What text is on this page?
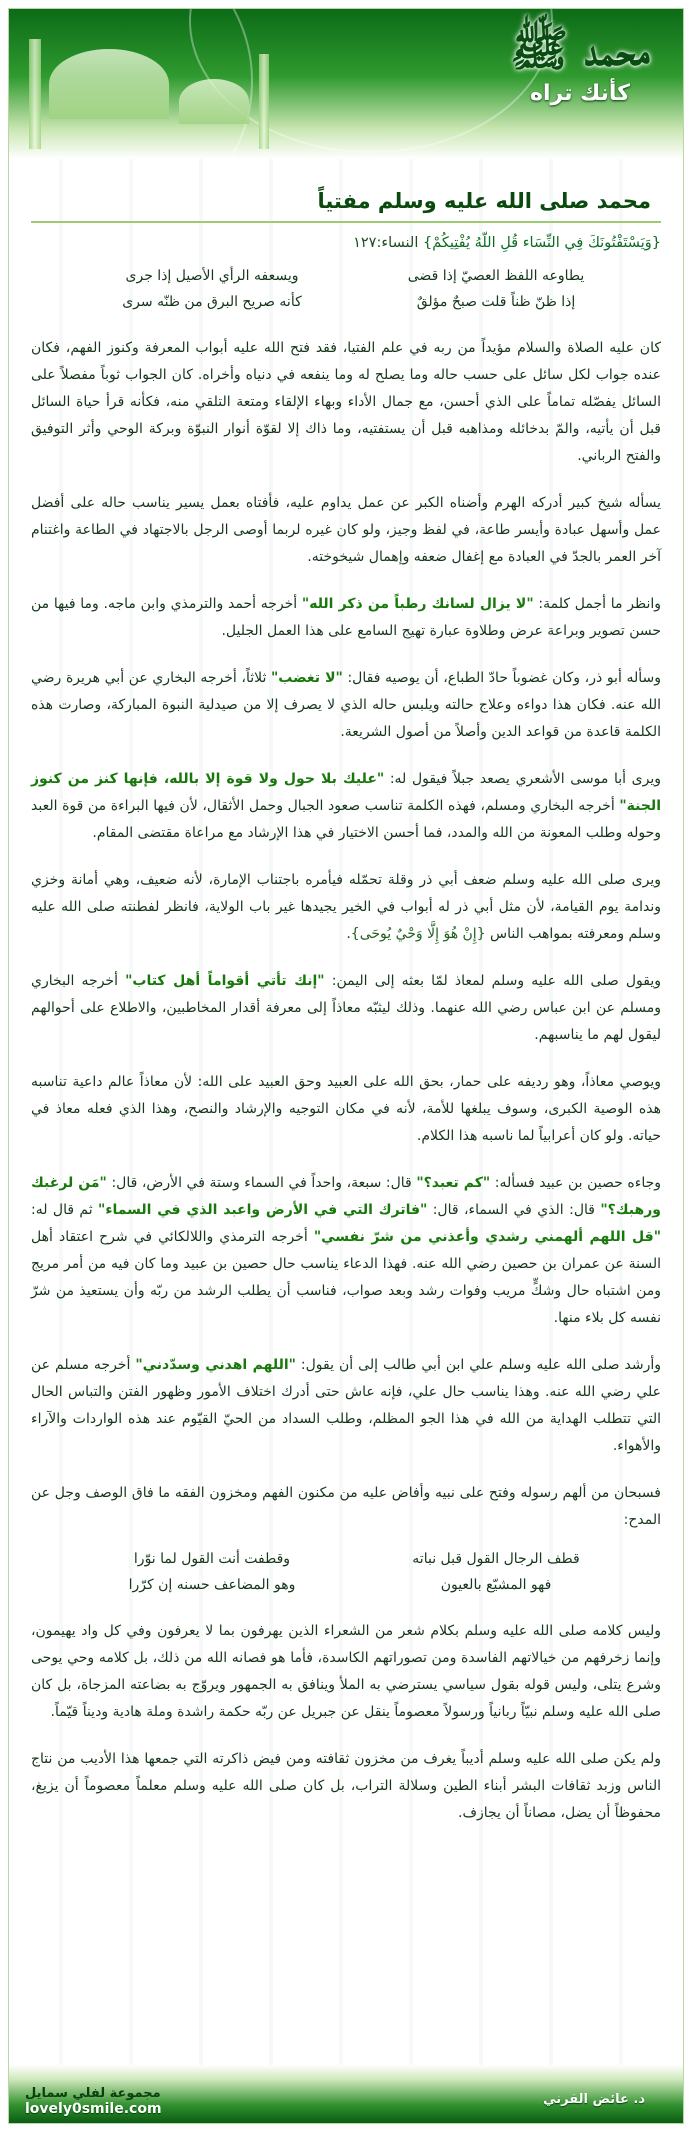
محمد ﷺ
كأنك تراه
محمد صلى الله عليه وسلم مفتياً
{وَيَسْتَفْتُونَكَ فِي النِّسَاء قُلِ اللّهُ يُفْتِيكُمْ} النساء:١٢٧
يطاوعه اللفظ العصيّ إذا قضى
ويسعفه الرأي الأصيل إذا جرى
إذا ظنّ ظناً قلت صبحٌ مؤلقٌ
كأنه صريح البرق من ظنّه سرى

كان عليه الصلاة والسلام مؤيداً من ربه في علم الفتيا، فقد فتح الله عليه أبواب المعرفة وكنوز الفهم، فكان عنده جواب لكل سائل على حسب حاله وما يصلح له وما ينفعه في دنياه وأخراه. كان الجواب ثوباً مفصلاً على السائل يفصّله تماماً على الذي أحسن، مع جمال الأداء وبهاء الإلقاء ومتعة التلقي منه، فكأنه قرأ حياة السائل قبل أن يأتيه، والمّ بدخائله ومذاهبه قبل أن يستفتيه، وما ذاك إلا لقوّة أنوار النبوّة وبركة الوحي وأثر التوفيق والفتح الرباني.

يسأله شيخ كبير أدركه الهرم وأضناه الكبر عن عمل يداوم عليه، فأفتاه بعمل يسير يناسب حاله على أفضل عمل وأسهل عبادة وأيسر طاعة، في لفظ وجيز، ولو كان غيره لربما أوصى الرجل بالاجتهاد في الطاعة واغتنام آخر العمر بالجدّ في العبادة مع إغفال ضعفه وإهمال شيخوخته.

وانظر ما أجمل كلمة: "لا يزال لسانك رطباً من ذكر الله" أخرجه أحمد والترمذي وابن ماجه. وما فيها من حسن تصوير وبراعة عرض وطلاوة عبارة تهيج السامع على هذا العمل الجليل.

وسأله أبو ذر، وكان غضوباً حادّ الطباع، أن يوصيه فقال: "لا تغضب" ثلاثاً، أخرجه البخاري عن أبي هريرة رضي الله عنه. فكان هذا دواءه وعلاج حالته ويلبس حاله الذي لا يصرف إلا من صيدلية النبوة المباركة، وصارت هذه الكلمة قاعدة من قواعد الدين وأصلاً من أصول الشريعة.

ويرى أبا موسى الأشعري يصعد جبلاً فيقول له: "عليك بلا حول ولا قوة إلا بالله، فإنها كنز من كنوز الجنة" أخرجه البخاري ومسلم، فهذه الكلمة تناسب صعود الجبال وحمل الأثقال، لأن فيها البراءة من قوة العبد وحوله وطلب المعونة من الله والمدد، فما أحسن الاختيار في هذا الإرشاد مع مراعاة مقتضى المقام.

ويرى صلى الله عليه وسلم ضعف أبي ذر وقلة تحمّله فيأمره باجتناب الإمارة، لأنه ضعيف، وهي أمانة وخزي وندامة يوم القيامة، لأن مثل أبي ذر له أبواب في الخير يجيدها غير باب الولاية، فانظر لفطنته صلى الله عليه وسلم ومعرفته بمواهب الناس {إِنْ هُوَ إِلَّا وَحْيٌ يُوحَى}.

ويقول صلى الله عليه وسلم لمعاذ لمّا بعثه إلى اليمن: "إنك تأتي أقواماً أهل كتاب" أخرجه البخاري ومسلم عن ابن عباس رضي الله عنهما. وذلك ليثبّه معاذاً إلى معرفة أقدار المخاطبين، والاطلاع على أحوالهم ليقول لهم ما يناسبهم.

ويوصي معاذاً، وهو رديفه على حمار، بحق الله على العبيد وحق العبيد على الله: لأن معاذاً عالم داعية تناسبه هذه الوصية الكبرى، وسوف يبلغها للأمة، لأنه في مكان التوجيه والإرشاد والنصح، وهذا الذي فعله معاذ في حياته. ولو كان أعرابياً لما ناسبه هذا الكلام.

وجاءه حصين بن عبيد فسأله: "كم تعبد؟" قال: سبعة، واحداً في السماء وستة في الأرض، قال: "مَن لرغبك ورهبك؟" قال: الذي في السماء، قال: "فاترك التي في الأرض واعبد الذي في السماء" ثم قال له: "قل اللهم ألهمني رشدي وأعذني من شرّ نفسي" أخرجه الترمذي واللالكائي في شرح اعتقاد أهل السنة عن عمران بن حصين رضي الله عنه. فهذا الدعاء يناسب حال حصين بن عبيد وما كان فيه من أمر مريج ومن اشتباه حال وشكٍّ مريب وفوات رشد وبعد صواب، فناسب أن يطلب الرشد من ربّه وأن يستعيذ من شرّ نفسه كل بلاء منها.

وأرشد صلى الله عليه وسلم علي ابن أبي طالب إلى أن يقول: "اللهم اهدني وسدّدني" أخرجه مسلم عن علي رضي الله عنه. وهذا يناسب حال علي، فإنه عاش حتى أدرك اختلاف الأمور وظهور الفتن والتباس الحال التي تتطلب الهداية من الله في هذا الجو المظلم، وطلب السداد من الحيّ القيّوم عند هذه الواردات والآراء والأهواء.

فسبحان من ألهم رسوله وفتح على نبيه وأفاض عليه من مكنون الفهم ومخزون الفقه ما فاق الوصف وجل عن المدح:

قطف الرجال القول قبل نباته
وقطفت أنت القول لما نوّرا
فهو المشيّع بالعيون
وهو المضاعف حسنه إن كرّرا

وليس كلامه صلى الله عليه وسلم بكلام شعر من الشعراء الذين يهرفون بما لا يعرفون وفي كل واد يهيمون، وإنما زخرفهم من خيالاتهم الفاسدة ومن تصوراتهم الكاسدة، فأما هو فصانه الله من ذلك، بل كلامه وحي يوحى وشرع يتلى، وليس قوله بقول سياسي يسترضي به الملأ وينافق به الجمهور ويروّج به بضاعته المزجاة، بل كان صلى الله عليه وسلم نبيّاً ربانياً ورسولاً معصوماً ينقل عن جبريل عن ربّه حكمة راشدة وملة هادية وديناً قيّماً.

ولم يكن صلى الله عليه وسلم أديباً يغرف من مخزون ثقافته ومن فيض ذاكرته التي جمعها هذا الأديب من نتاج الناس وزبد ثقافات البشر أبناء الطين وسلالة التراب، بل كان صلى الله عليه وسلم معلماً معصوماً أن يزيغ، محفوظاً أن يضل، مصاناً أن يجازف.

مجموعة لفلي سمايل
lovely0smile.com
د. عائض القرني
